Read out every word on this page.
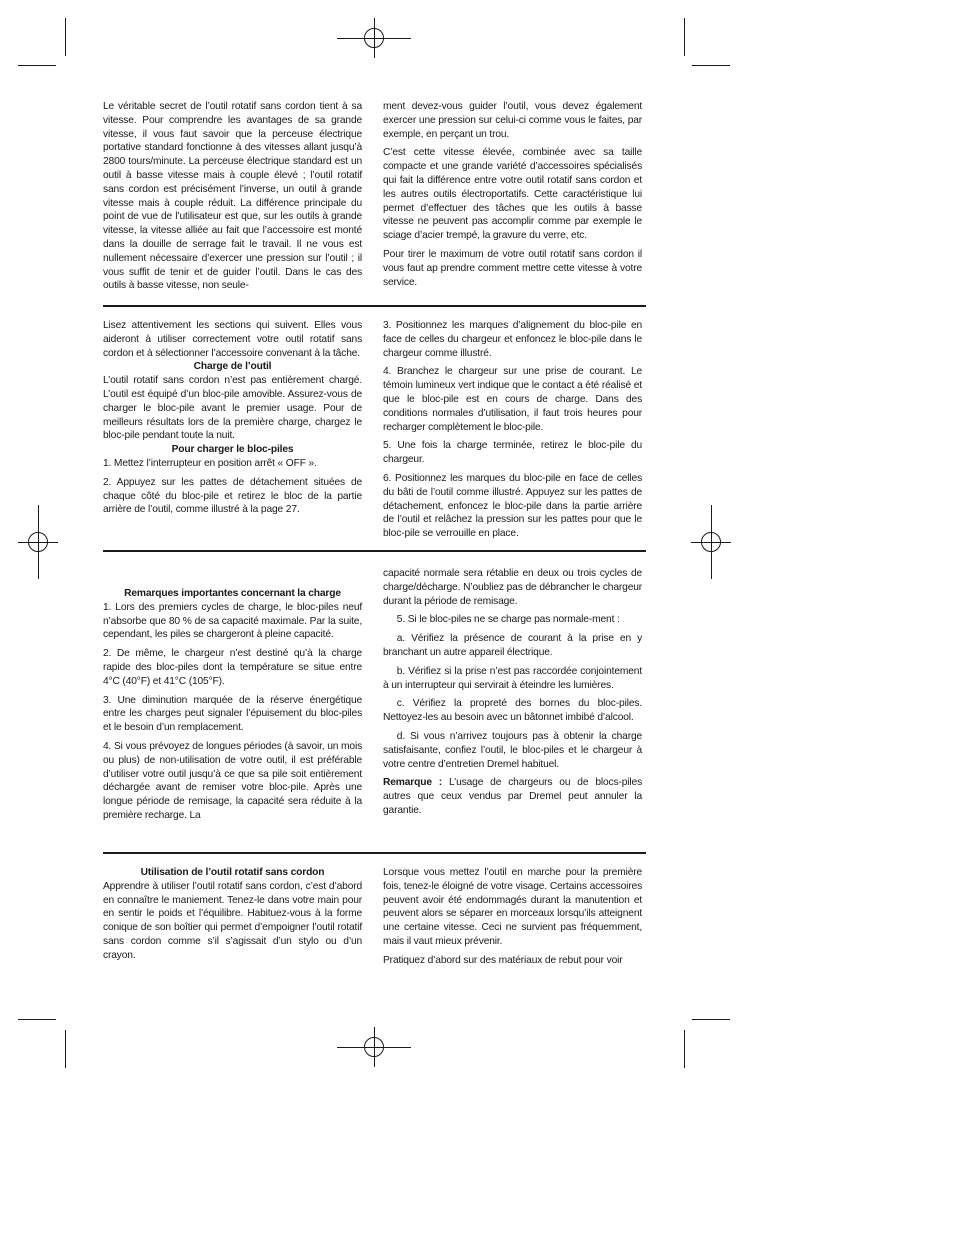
Le véritable secret de l’outil rotatif sans cordon tient à sa vitesse. Pour comprendre les avantages de sa grande vitesse, il vous faut savoir que la perceuse électrique portative standard fonctionne à des vitesses allant jusqu’à 2800 tours/minute. La perceuse électrique standard est un outil à basse vitesse mais à couple élevé ; l’outil rotatif sans cordon est précisément l’inverse, un outil à grande vitesse mais à couple réduit. La différence principale du point de vue de l’utilisateur est que, sur les outils à grande vitesse, la vitesse alliée au fait que l’accessoire est monté dans la douille de serrage fait le travail. Il ne vous est nullement nécessaire d’exercer une pression sur l’outil ; il vous suffit de tenir et de guider l’outil. Dans le cas des outils à basse vitesse, non seule-

ment devez-vous guider l’outil, vous devez également exercer une pression sur celui-ci comme vous le faites, par exemple, en perçant un trou.

C’est cette vitesse élevée, combinée avec sa taille compacte et une grande variété d’accessoires spécialisés qui fait la différence entre votre outil rotatif sans cordon et les autres outils électroportatifs. Cette caractéristique lui permet d’effectuer des tâches que les outils à basse vitesse ne peuvent pas accomplir comme par exemple le sciage d’acier trempé, la gravure du verre, etc.

Pour tirer le maximum de votre outil rotatif sans cordon il vous faut ap prendre comment mettre cette vitesse à votre service.

Lisez attentivement les sections qui suivent. Elles vous aideront à utiliser correctement votre outil rotatif sans cordon et à sélectionner l’accessoire convenant à la tâche.

Charge de l’outil

L’outil rotatif sans cordon n’est pas entièrement chargé. L’outil est équipé d’un bloc-pile amovible. Assurez-vous de charger le bloc-pile avant le premier usage. Pour de meilleurs résultats lors de la première charge, chargez le bloc-pile pendant toute la nuit.

Pour charger le bloc-piles

1. Mettez l’interrupteur en position arrêt « OFF ».

2. Appuyez sur les pattes de détachement situées de chaque côté du bloc-pile et retirez le bloc de la partie arrière de l’outil, comme illustré à la page 27.

3. Positionnez les marques d’alignement du bloc-pile en face de celles du chargeur et enfoncez le bloc-pile dans le chargeur comme illustré.

4. Branchez le chargeur sur une prise de courant. Le témoin lumineux vert indique que le contact a été réalisé et que le bloc-pile est en cours de charge. Dans des conditions normales d’utilisation, il faut trois heures pour recharger complètement le bloc-pile.

5. Une fois la charge terminée, retirez le bloc-pile du chargeur.

6. Positionnez les marques du bloc-pile en face de celles du bâti de l’outil comme illustré. Appuyez sur les pattes de détachement, enfoncez le bloc-pile dans la partie arrière de l’outil et relâchez la pression sur les pattes pour que le bloc-pile se verrouille en place.

Remarques importantes concernant la charge

1. Lors des premiers cycles de charge, le bloc-piles neuf n’absorbe que 80 % de sa capacité maximale. Par la suite, cependant, les piles se chargeront à pleine capacité.

2. De même, le chargeur n’est destiné qu’à la charge rapide des bloc-piles dont la température se situe entre 4°C (40°F) et 41°C (105°F).

3. Une diminution marquée de la réserve énergétique entre les charges peut signaler l’épuisement du bloc-piles et le besoin d’un remplacement.

4. Si vous prévoyez de longues périodes (à savoir, un mois ou plus) de non-utilisation de votre outil, il est préférable d’utiliser votre outil jusqu’à ce que sa pile soit entièrement déchargée avant de remiser votre bloc-pile. Après une longue période de remisage, la capacité sera réduite à la première recharge. La

capacité normale sera rétablie en deux ou trois cycles de charge/décharge. N’oubliez pas de débrancher le chargeur durant la période de remisage.

5. Si le bloc-piles ne se charge pas normale-ment :

a. Vérifiez la présence de courant à la prise en y branchant un autre appareil électrique.

b. Vérifiez si la prise n’est pas raccordée conjointement à un interrupteur qui servirait à éteindre les lumières.

c. Vérifiez la propreté des bornes du bloc-piles. Nettoyez-les au besoin avec un bâtonnet imbibé d’alcool.

d. Si vous n’arrivez toujours pas à obtenir la charge satisfaisante, confiez l’outil, le bloc-piles et le chargeur à votre centre d’entretien Dremel habituel.

Remarque : L’usage de chargeurs ou de blocs-piles autres que ceux vendus par Dremel peut annuler la garantie.

Utilisation de l’outil rotatif sans cordon

Apprendre à utiliser l’outil rotatif sans cordon, c’est d’abord en connaître le maniement. Tenez-le dans votre main pour en sentir le poids et l’équilibre. Habituez-vous à la forme conique de son boîtier qui permet d’empoigner l’outil rotatif sans cordon comme s’il s’agissait d’un stylo ou d’un crayon.

Lorsque vous mettez l’outil en marche pour la première fois, tenez-le éloigné de votre visage. Certains accessoires peuvent avoir été endommagés durant la manutention et peuvent alors se séparer en morceaux lorsqu’ils atteignent une certaine vitesse. Ceci ne survient pas fréquemment, mais il vaut mieux prévenir.

Pratiquez d’abord sur des matériaux de rebut pour voir
